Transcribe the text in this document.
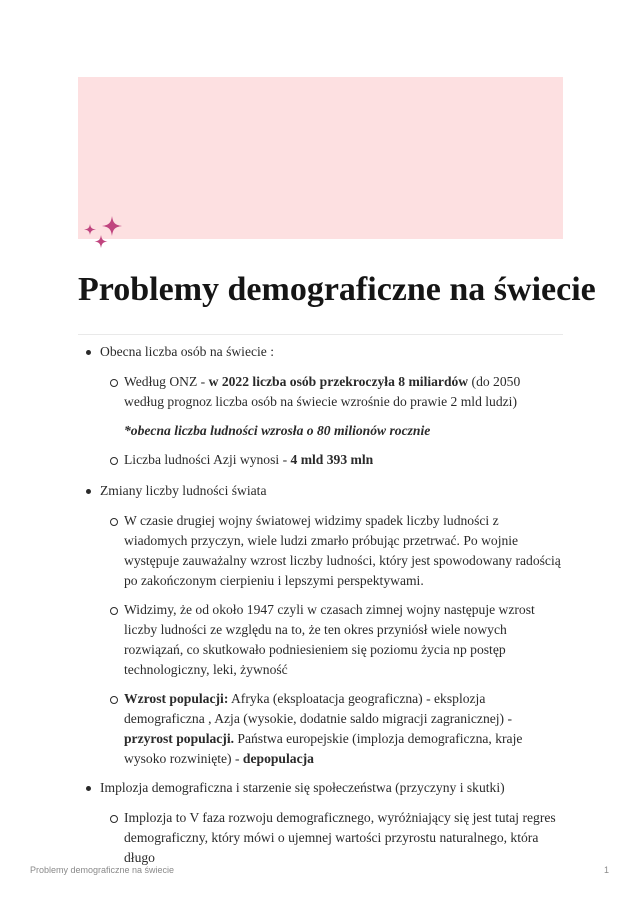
Problemy demograficzne na świecie
Obecna liczba osób na świecie :
Według ONZ - w 2022 liczba osób przekroczyła 8 miliardów (do 2050 według prognoz liczba osób na świecie wzrośnie do prawie 2 mld ludzi)
*obecna liczba ludności wzrosła o 80 milionów rocznie
Liczba ludności Azji wynosi - 4 mld 393 mln
Zmiany liczby ludności świata
W czasie drugiej wojny światowej widzimy spadek liczby ludności z wiadomych przyczyn, wiele ludzi zmarło próbując przetrwać. Po wojnie występuje zauważalny wzrost liczby ludności, który jest spowodowany radością po zakończonym cierpieniu i lepszymi perspektywami.
Widzimy, że od około 1947 czyli w czasach zimnej wojny następuje wzrost liczby ludności ze względu na to, że ten okres przyniósł wiele nowych rozwiązań, co skutkowało podniesieniem się poziomu życia np postęp technologiczny, leki, żywność
Wzrost populacji: Afryka (eksploatacja geograficzna) - eksplozja demograficzna , Azja (wysokie, dodatnie saldo migracji zagranicznej) - przyrost populacji. Państwa europejskie (implozja demograficzna, kraje wysoko rozwinięte) - depopulacja
Implozja demograficzna i starzenie się społeczeństwa (przyczyny i skutki)
Implozja to V faza rozwoju demograficznego, wyróżniający się jest tutaj regres demograficzny, który mówi o ujemnej wartości przyrostu naturalnego, która długo
Problemy demograficzne na świecie	1
